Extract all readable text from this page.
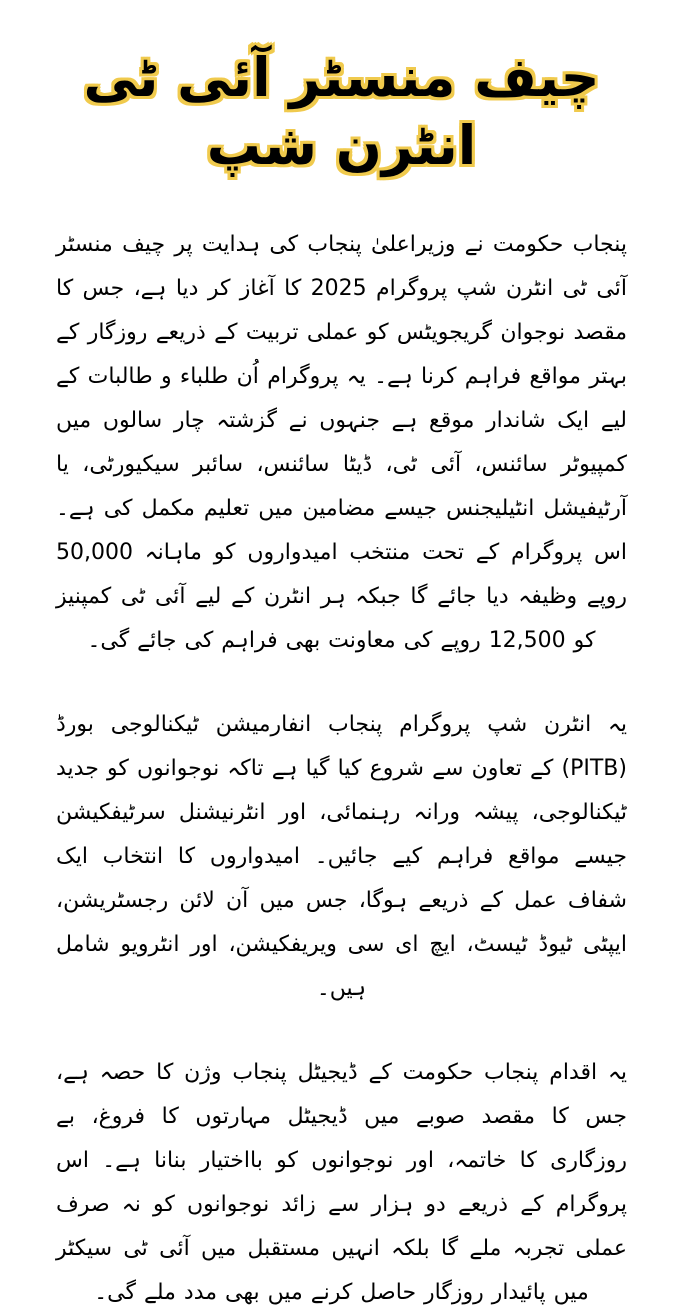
چیف منسٹر آئی ٹی انٹرن شپ

پنجاب حکومت نے وزیراعلیٰ پنجاب کی ہدایت پر چیف منسٹر آئی ٹی انٹرن شپ پروگرام 2025 کا آغاز کر دیا ہے، جس کا مقصد نوجوان گریجویٹس کو عملی تربیت کے ذریعے روزگار کے بہتر مواقع فراہم کرنا ہے۔ یہ پروگرام اُن طلباء و طالبات کے لیے ایک شاندار موقع ہے جنہوں نے گزشتہ چار سالوں میں کمپیوٹر سائنس، آئی ٹی، ڈیٹا سائنس، سائبر سیکیورٹی، یا آرٹیفیشل انٹیلیجنس جیسے مضامین میں تعلیم مکمل کی ہے۔ اس پروگرام کے تحت منتخب امیدواروں کو ماہانہ 50,000 روپے وظیفہ دیا جائے گا جبکہ ہر انٹرن کے لیے آئی ٹی کمپنیز کو 12,500 روپے کی معاونت بھی فراہم کی جائے گی۔

یہ انٹرن شپ پروگرام پنجاب انفارمیشن ٹیکنالوجی بورڈ (PITB) کے تعاون سے شروع کیا گیا ہے تاکہ نوجوانوں کو جدید ٹیکنالوجی، پیشہ ورانہ رہنمائی، اور انٹرنیشنل سرٹیفکیشن جیسے مواقع فراہم کیے جائیں۔ امیدواروں کا انتخاب ایک شفاف عمل کے ذریعے ہوگا، جس میں آن لائن رجسٹریشن، ایپٹی ٹیوڈ ٹیسٹ، ایچ ای سی ویریفکیشن، اور انٹرویو شامل ہیں۔

یہ اقدام پنجاب حکومت کے ڈیجیٹل پنجاب وژن کا حصہ ہے، جس کا مقصد صوبے میں ڈیجیٹل مہارتوں کا فروغ، بے روزگاری کا خاتمہ، اور نوجوانوں کو بااختیار بنانا ہے۔ اس پروگرام کے ذریعے دو ہزار سے زائد نوجوانوں کو نہ صرف عملی تجربہ ملے گا بلکہ انہیں مستقبل میں آئی ٹی سیکٹر میں پائیدار روزگار حاصل کرنے میں بھی مدد ملے گی۔
